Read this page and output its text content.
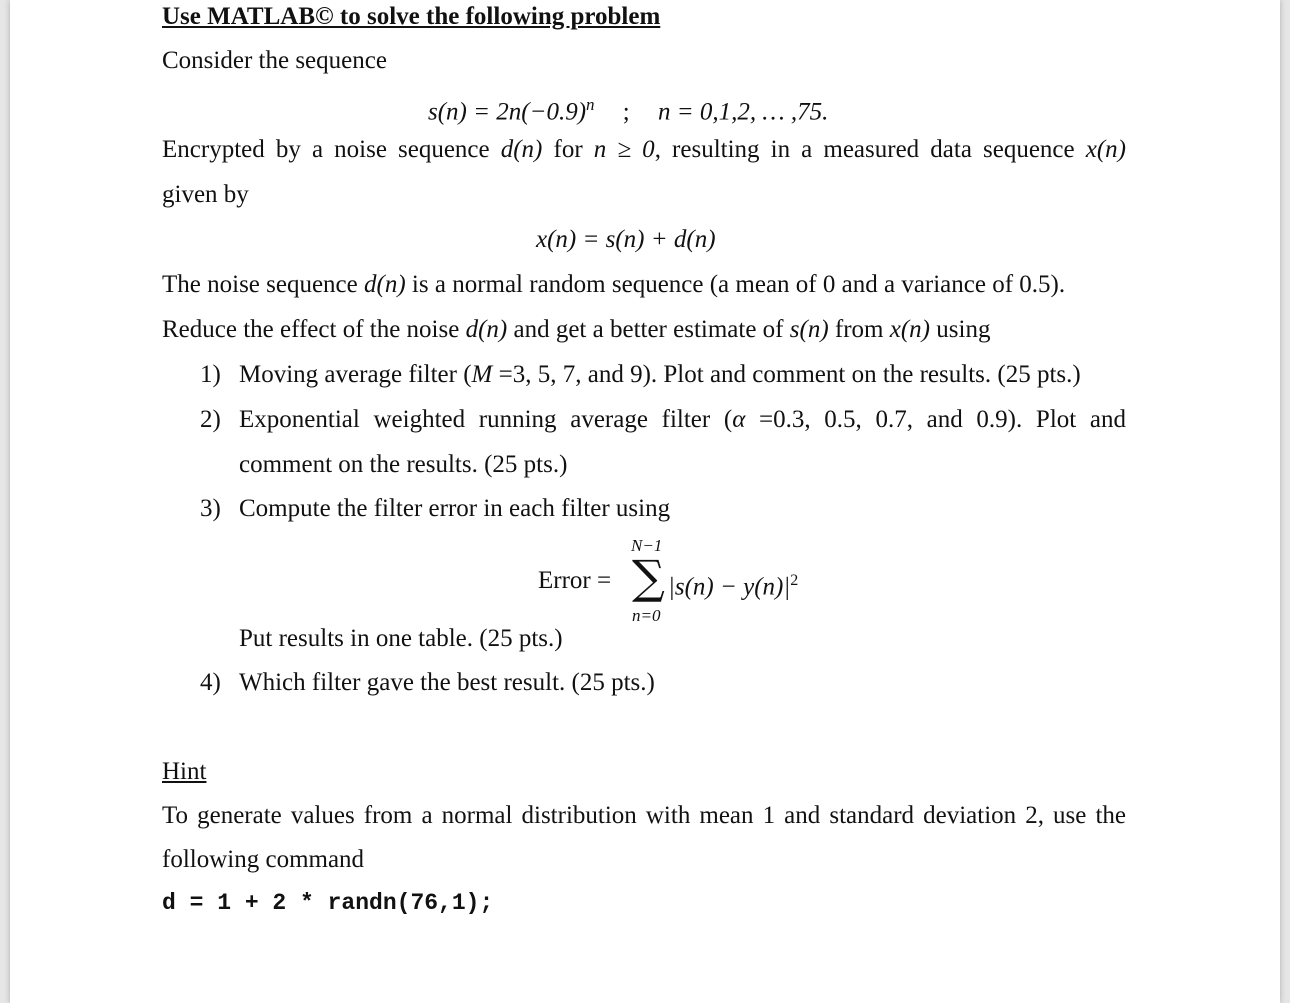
Use MATLAB© to solve the following problem
Consider the sequence
$s(n) = 2n(-0.9)^n$ ; n = 0,1,2, … ,75.
Encrypted by a noise sequence d(n) for n ≥ 0, resulting in a measured data sequence x(n)
given by
x(n) = s(n) + d(n)
The noise sequence d(n) is a normal random sequence (a mean of 0 and a variance of 0.5).
Reduce the effect of the noise d(n) and get a better estimate of s(n) from x(n) using
1) Moving average filter (M =3, 5, 7, and 9). Plot and comment on the results. (25 pts.)
2) Exponential weighted running average filter (α =0.3, 0.5, 0.7, and 0.9). Plot and
comment on the results. (25 pts.)
3) Compute the filter error in each filter using
Error =
N−1
∑
n=0
$|s(n) - y(n)|^2$
Put results in one table. (25 pts.)
4) Which filter gave the best result. (25 pts.)
Hint
To generate values from a normal distribution with mean 1 and standard deviation 2, use the
following command
d = 1 + 2 * randn(76,1);
